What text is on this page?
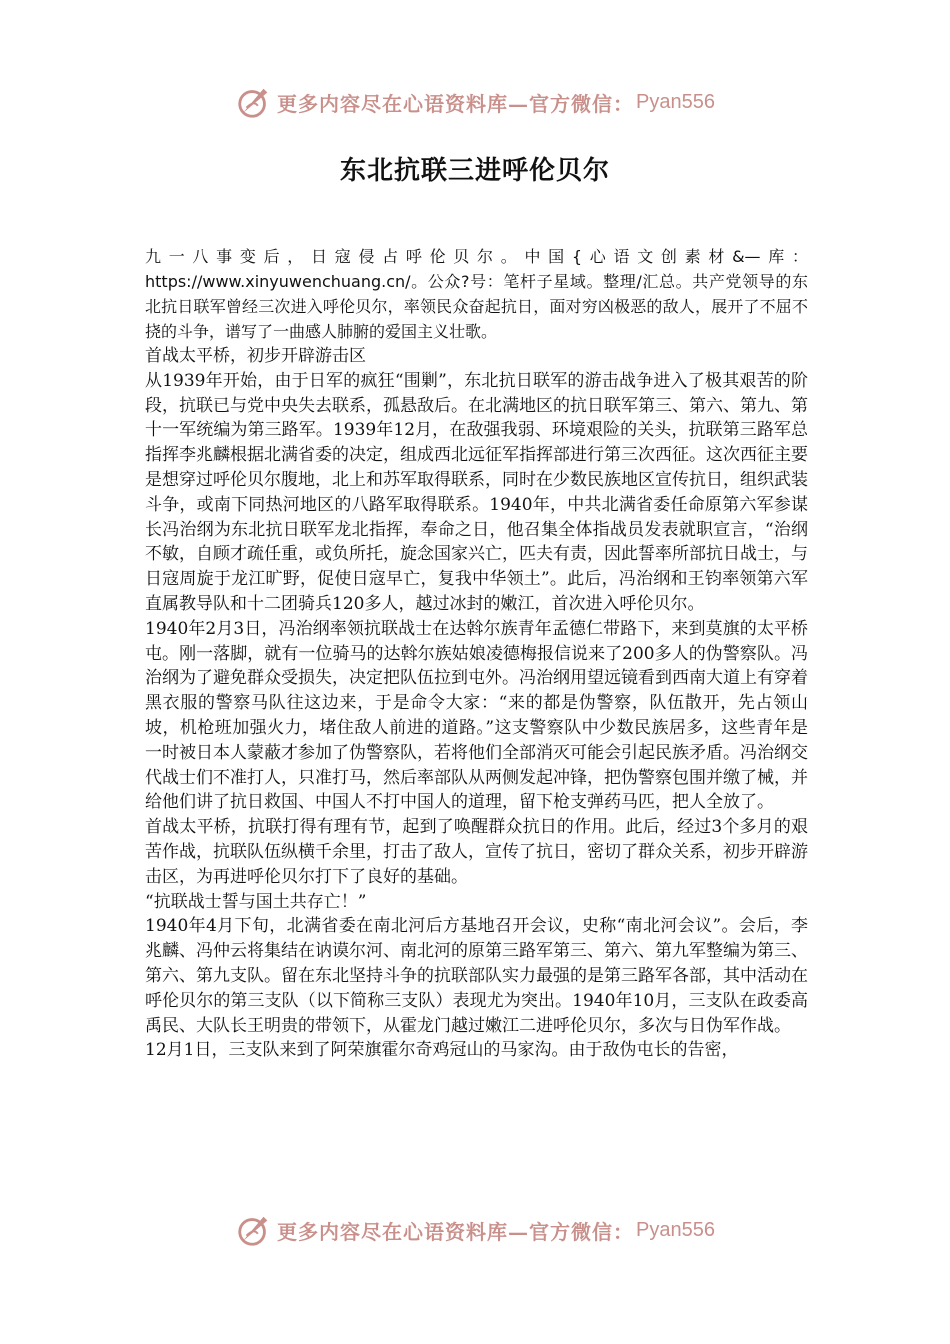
更多内容尽在心语资料库—官方微信： Pyan556
东北抗联三进呼伦贝尔

九一八事变后，日寇侵占呼伦贝尔。中国{心语文创素材&—库：https://www.xinyuwenchuang.cn/。公众?号：笔杆子星域。整理/汇总。共产党领导的东北抗日联军曾经三次进入呼伦贝尔，率领民众奋起抗日，面对穷凶极恶的敌人，展开了不屈不挠的斗争，谱写了一曲感人肺腑的爱国主义壮歌。

首战太平桥，初步开辟游击区

从1939年开始，由于日军的疯狂“围剿”，东北抗日联军的游击战争进入了极其艰苦的阶段，抗联已与党中央失去联系，孤悬敌后。在北满地区的抗日联军第三、第六、第九、第十一军统编为第三路军。1939年12月，在敌强我弱、环境艰险的关头，抗联第三路军总指挥李兆麟根据北满省委的决定，组成西北远征军指挥部进行第三次西征。这次西征主要是想穿过呼伦贝尔腹地，北上和苏军取得联系，同时在少数民族地区宣传抗日，组织武装斗争，或南下同热河地区的八路军取得联系。1940年，中共北满省委任命原第六军参谋长冯治纲为东北抗日联军龙北指挥，奉命之日，他召集全体指战员发表就职宣言，“治纲不敏，自顾才疏任重，或负所托，旋念国家兴亡，匹夫有责，因此誓率所部抗日战士，与日寇周旋于龙江旷野，促使日寇早亡，复我中华领土”。此后，冯治纲和王钧率领第六军直属教导队和十二团骑兵120多人，越过冰封的嫩江，首次进入呼伦贝尔。

1940年2月3日，冯治纲率领抗联战士在达斡尔族青年孟德仁带路下，来到莫旗的太平桥屯。刚一落脚，就有一位骑马的达斡尔族姑娘凌德梅报信说来了200多人的伪警察队。冯治纲为了避免群众受损失，决定把队伍拉到屯外。冯治纲用望远镜看到西南大道上有穿着黑衣服的警察马队往这边来，于是命令大家：“来的都是伪警察，队伍散开，先占领山坡，机枪班加强火力，堵住敌人前进的道路。”这支警察队中少数民族居多，这些青年是一时被日本人蒙蔽才参加了伪警察队，若将他们全部消灭可能会引起民族矛盾。冯治纲交代战士们不准打人，只准打马，然后率部队从两侧发起冲锋，把伪警察包围并缴了械，并给他们讲了抗日救国、中国人不打中国人的道理，留下枪支弹药马匹，把人全放了。

首战太平桥，抗联打得有理有节，起到了唤醒群众抗日的作用。此后，经过3个多月的艰苦作战，抗联队伍纵横千余里，打击了敌人，宣传了抗日，密切了群众关系，初步开辟游击区，为再进呼伦贝尔打下了良好的基础。

“抗联战士誓与国土共存亡！”

1940年4月下旬，北满省委在南北河后方基地召开会议，史称“南北河会议”。会后，李兆麟、冯仲云将集结在讷谟尔河、南北河的原第三路军第三、第六、第九军整编为第三、第六、第九支队。留在东北坚持斗争的抗联部队实力最强的是第三路军各部，其中活动在呼伦贝尔的第三支队（以下简称三支队）表现尤为突出。1940年10月，三支队在政委高禹民、大队长王明贵的带领下，从霍龙门越过嫩江二进呼伦贝尔，多次与日伪军作战。

12月1日，三支队来到了阿荣旗霍尔奇鸡冠山的马家沟。由于敌伪屯长的告密，

更多内容尽在心语资料库—官方微信： Pyan556
